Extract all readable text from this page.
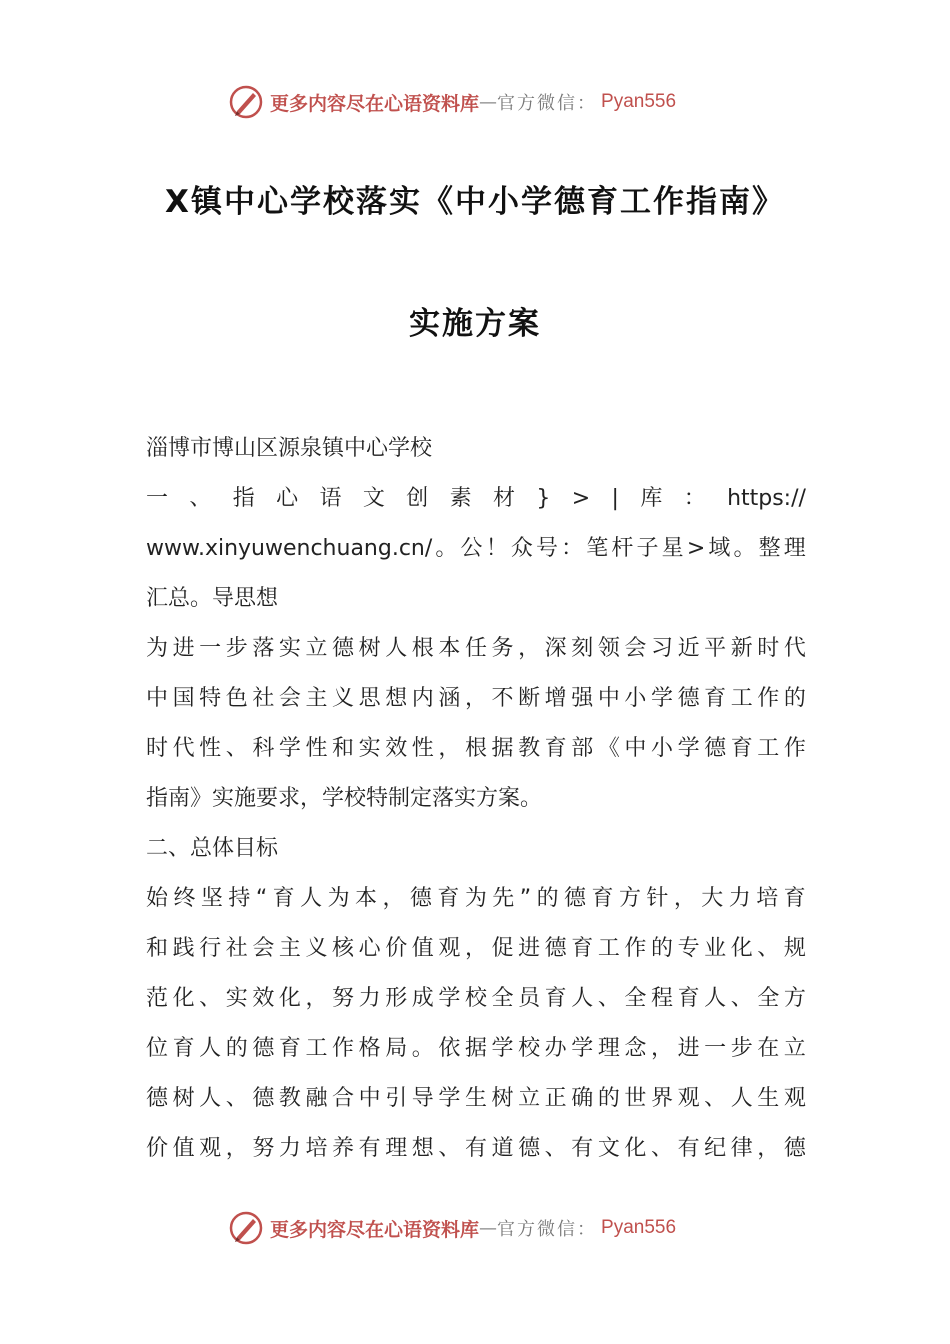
更多内容尽在心语资料库 — 官方微信： Pyan556
X镇中心学校落实《中小学德育工作指南》
实施方案
淄博市博山区源泉镇中心学校
一 、 指 心 语 文 创 素 材 } > | 库 ： https://
www.xinyuwenchuang.cn/ 。 公 ！ 众 号 ： 笔 杆 子 星 > 域 。 整 理
汇总。导思想
为 进 一 步 落 实 立 德 树 人 根 本 任 务 ， 深 刻 领 会 习 近 平 新 时 代
中 国 特 色 社 会 主 义 思 想 内 涵 ， 不 断 增 强 中 小 学 德 育 工 作 的
时 代 性 、 科 学 性 和 实 效 性 ， 根 据 教 育 部 《 中 小 学 德 育 工 作
指南》实施要求，学校特制定落实方案。
二、总体目标
始 终 坚 持 “ 育 人 为 本 ， 德 育 为 先 ” 的 德 育 方 针 ， 大 力 培 育
和 践 行 社 会 主 义 核 心 价 值 观 ， 促 进 德 育 工 作 的 专 业 化 、 规
范 化 、 实 效 化 ， 努 力 形 成 学 校 全 员 育 人 、 全 程 育 人 、 全 方
位 育 人 的 德 育 工 作 格 局 。 依 据 学 校 办 学 理 念 ， 进 一 步 在 立
德 树 人 、 德 教 融 合 中 引 导 学 生 树 立 正 确 的 世 界 观 、 人 生 观
价 值 观 ， 努 力 培 养 有 理 想 、 有 道 德 、 有 文 化 、 有 纪 律 ， 德
更多内容尽在心语资料库 — 官方微信： Pyan556
